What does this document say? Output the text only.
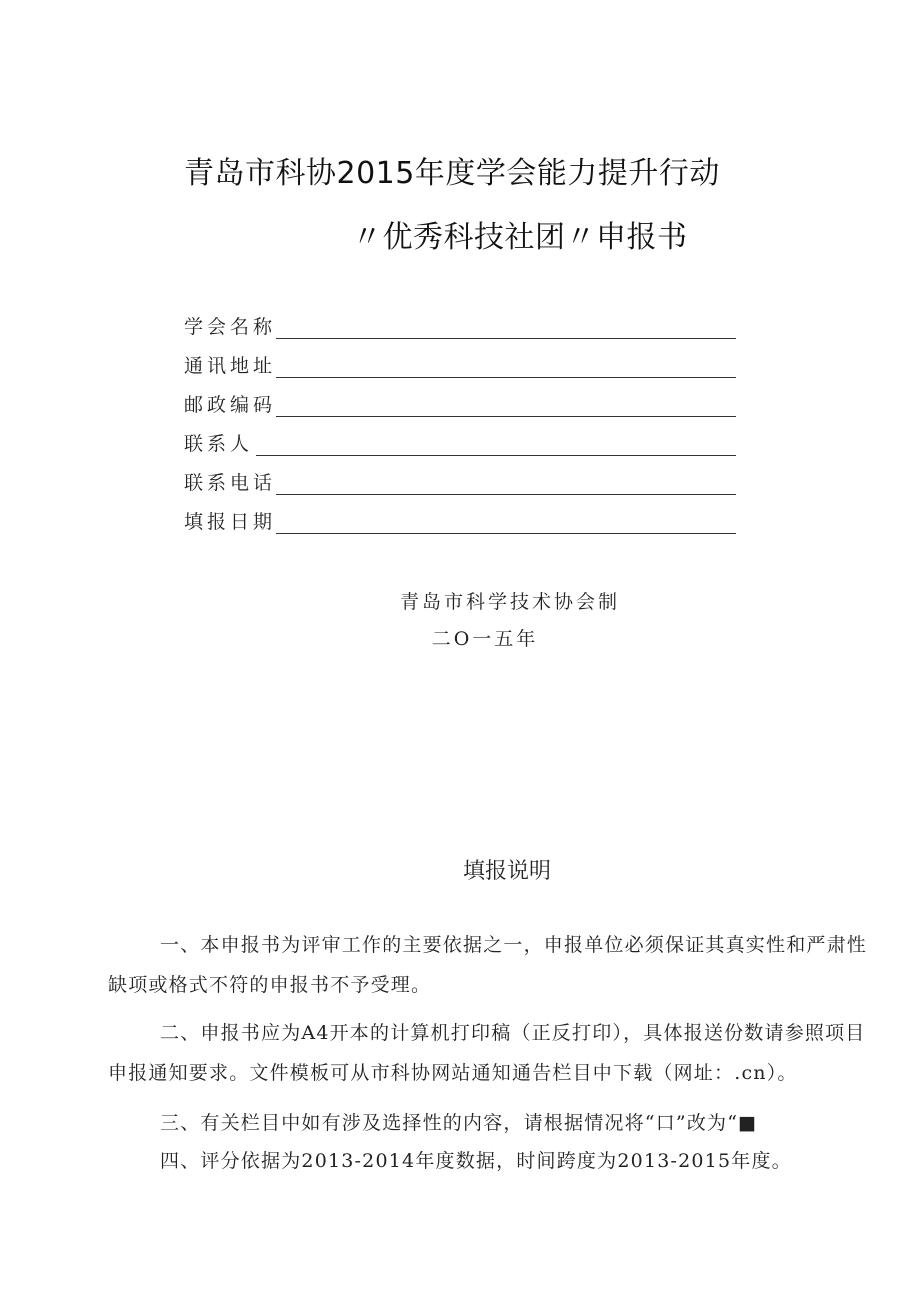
青岛市科协2015年度学会能力提升行动
〃优秀科技社团〃申报书
学会名称
通讯地址
邮政编码
联系人
联系电话
填报日期

青岛市科学技术协会制

二O一五年

填报说明

一、本申报书为评审工作的主要依据之一，申报单位必须保证其真实性和严肃性

缺项或格式不符的申报书不予受理。

二、申报书应为A4开本的计算机打印稿（正反打印），具体报送份数请参照项目

申报通知要求。文件模板可从市科协网站通知通告栏目中下载（网址：.cn）。

三、有关栏目中如有涉及选择性的内容，请根据情况将“口”改为“■

四、评分依据为2013-2014年度数据，时间跨度为2013-2015年度。
